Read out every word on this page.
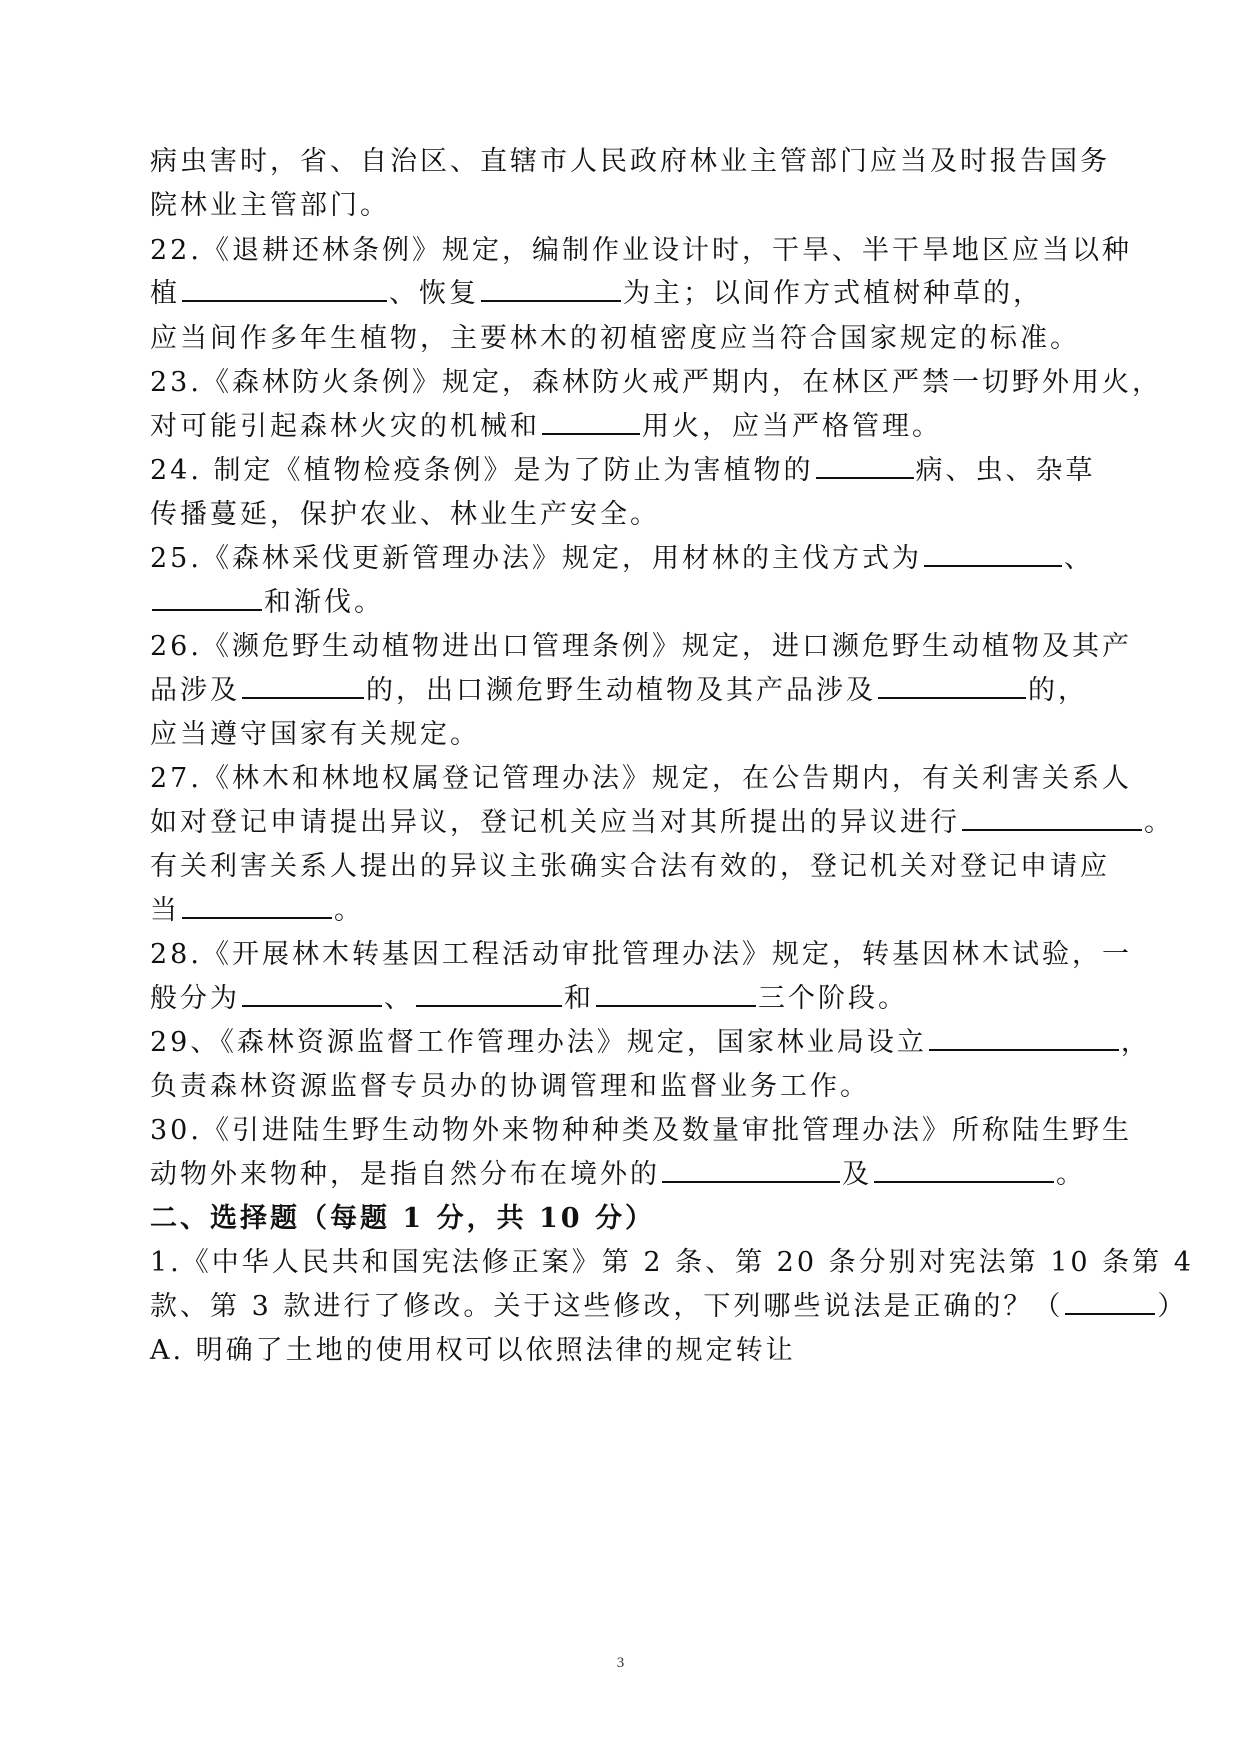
病虫害时，省、自治区、直辖市人民政府林业主管部门应当及时报告国务
院林业主管部门。
22.《退耕还林条例》规定，编制作业设计时，干旱、半干旱地区应当以种
植	、恢复	为主；以间作方式植树种草的，
应当间作多年生植物，主要林木的初植密度应当符合国家规定的标准。
23.《森林防火条例》规定，森林防火戒严期内，在林区严禁一切野外用火，
对可能引起森林火灾的机械和	用火，应当严格管理。
24. 制定《植物检疫条例》是为了防止为害植物的	病、虫、杂草
传播蔓延，保护农业、林业生产安全。
25.《森林采伐更新管理办法》规定，用材林的主伐方式为	、
和渐伐。
26.《濒危野生动植物进出口管理条例》规定，进口濒危野生动植物及其产
品涉及	的，出口濒危野生动植物及其产品涉及	的，
应当遵守国家有关规定。
27.《林木和林地权属登记管理办法》规定，在公告期内，有关利害关系人
如对登记申请提出异议，登记机关应当对其所提出的异议进行	。
有关利害关系人提出的异议主张确实合法有效的，登记机关对登记申请应
当	。
28.《开展林木转基因工程活动审批管理办法》规定，转基因林木试验，一
般分为	、	和	三个阶段。
29、《森林资源监督工作管理办法》规定，国家林业局设立	，
负责森林资源监督专员办的协调管理和监督业务工作。
30.《引进陆生野生动物外来物种种类及数量审批管理办法》所称陆生野生
动物外来物种，是指自然分布在境外的	及	。
二、选择题（每题 1 分，共 10 分）
1.《中华人民共和国宪法修正案》第 2 条、第 20 条分别对宪法第 10 条第 4
款、第 3 款进行了修改。关于这些修改，下列哪些说法是正确的？（	）
A. 明确了土地的使用权可以依照法律的规定转让
3
